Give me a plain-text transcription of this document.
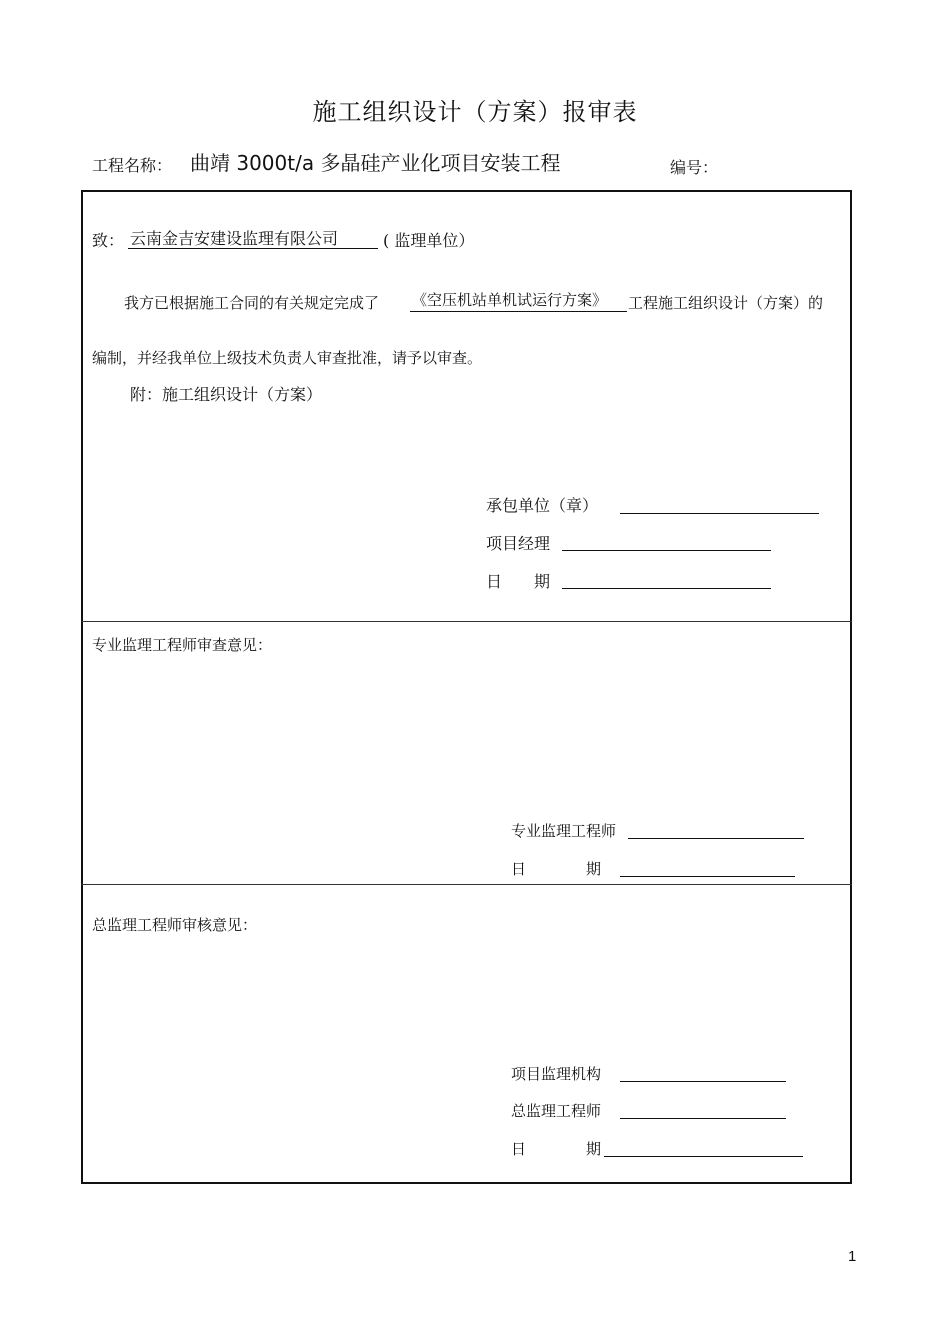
施工组织设计（方案）报审表
工程名称： 曲靖 3000t/a 多晶硅产业化项目安装工程	编号：
致： 云南金吉安建设监理有限公司	( 监理单位）
我方已根据施工合同的有关规定完成了 《空压机站单机试运行方案》 工程施工组织设计（方案）的
编制，并经我单位上级技术负责人审查批准，请予以审查。
附：施工组织设计（方案）
承包单位（章）
项目经理
日　　期
专业监理工程师审查意见：
专业监理工程师
日　　　　期
总监理工程师审核意见：
项目监理机构
总监理工程师
日　　　　期
1
